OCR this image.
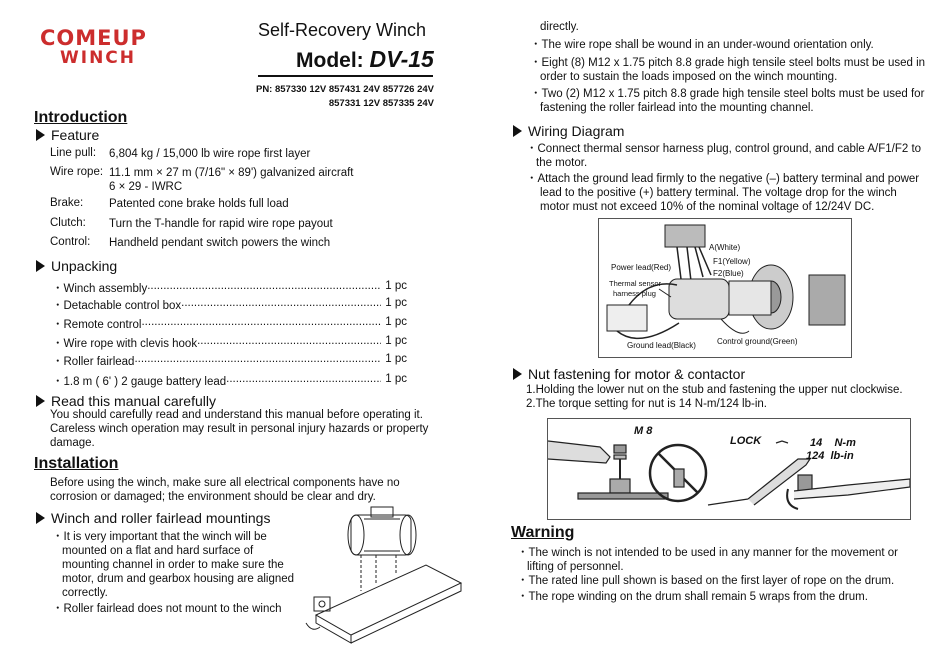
COMEUP
WINCH
Self-Recovery Winch
Model: DV-15
PN: 857330 12V 857431 24V 857726 24V
857331 12V 857335 24V
Introduction
Feature
Line pull: 6,804 kg / 15,000 lb wire rope first layer
Wire rope: 11.1 mm × 27 m (7/16" × 89') galvanized aircraft
6 × 29 - IWRC
Brake: Patented cone brake holds full load
Clutch: Turn the T-handle for rapid wire rope payout
Control: Handheld pendant switch powers the winch
Unpacking
・Winch assembly .....	1 pc
・Detachable control box .....	1 pc
・Remote control .....	1 pc
・Wire rope with clevis hook .....	1 pc
・Roller fairlead .....	1 pc
・1.8 m ( 6' ) 2 gauge battery lead .....	1 pc
Read this manual carefully
You should carefully read and understand this manual before operating it.
Careless winch operation may result in personal injury hazards or property
damage.
Installation
Before using the winch, make sure all electrical components have no
corrosion or damaged; the environment should be clear and dry.
Winch and roller fairlead mountings
・It is very important that the winch will be
mounted on a flat and hard surface of
mounting channel in order to make sure the
motor, drum and gearbox housing are aligned
correctly.
・Roller fairlead does not mount to the winch
directly.
・The wire rope shall be wound in an under-wound orientation only.
・Eight (8) M12 x 1.75 pitch 8.8 grade high tensile steel bolts must be used in
order to sustain the loads imposed on the winch mounting.
・Two (2) M12 x 1.75 pitch 8.8 grade high tensile steel bolts must be used for
fastening the roller fairlead into the mounting channel.
Wiring Diagram
・Connect thermal sensor harness plug, control ground, and cable A/F1/F2 to
the motor.
・Attach the ground lead firmly to the negative (–) battery terminal and power
lead to the positive (+) battery terminal. The voltage drop for the winch
motor must not exceed 10% of the nominal voltage of 12/24V DC.
A(White)
F1(Yellow)
F2(Blue)
Power lead(Red)
Thermal sensor
harness plug
Ground lead(Black)	Control ground(Green)
Nut fastening for motor & contactor
1.Holding the lower nut on the stub and fastening the upper nut clockwise.
2.The torque setting for nut is 14 N-m/124 lb-in.
M 8
LOCK	14 N-m
124 lb-in
Warning
・The winch is not intended to be used in any manner for the movement or
lifting of personnel.
・The rated line pull shown is based on the first layer of rope on the drum.
・The rope winding on the drum shall remain 5 wraps from the drum.
